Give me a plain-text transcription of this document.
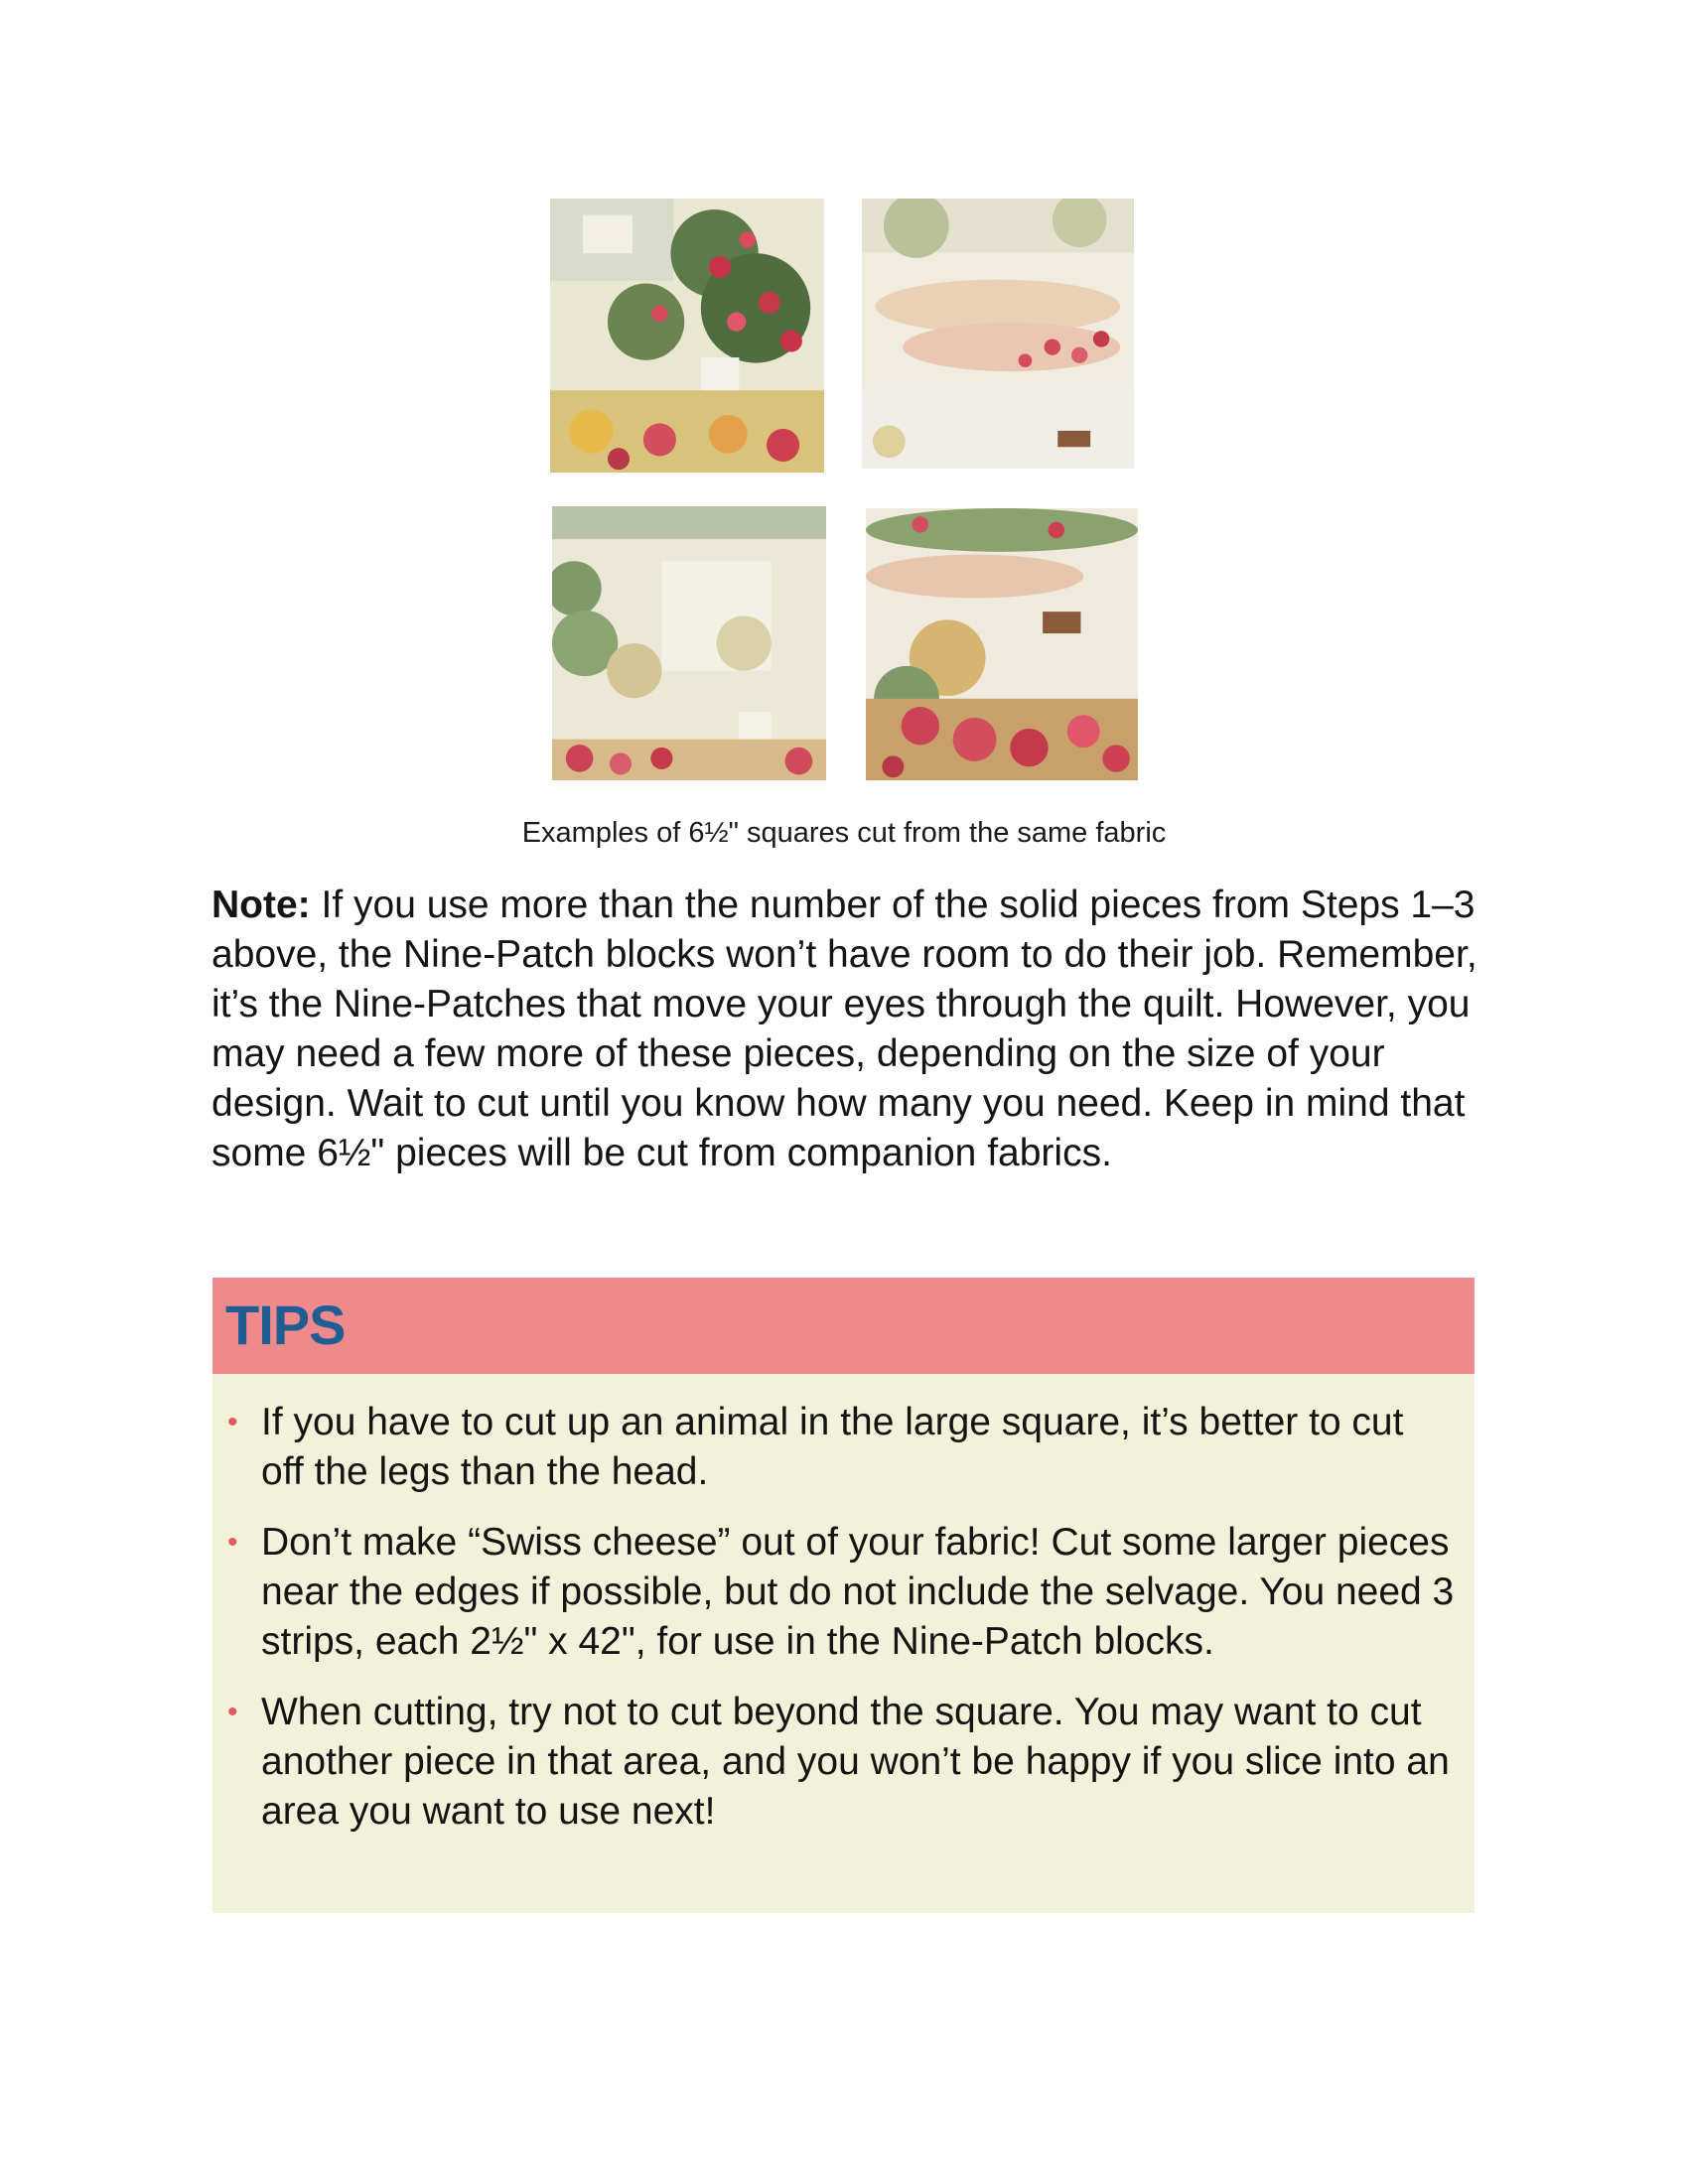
Examples of 6½" squares cut from the same fabric
Note: If you use more than the number of the solid pieces from Steps 1–3 above, the Nine-Patch blocks won’t have room to do their job. Remember, it’s the Nine-Patches that move your eyes through the quilt. However, you may need a few more of these pieces, depending on the size of your design. Wait to cut until you know how many you need. Keep in mind that some 6½" pieces will be cut from companion fabrics.
TIPS
• If you have to cut up an animal in the large square, it’s better to cut off the legs than the head.
• Don’t make “Swiss cheese” out of your fabric! Cut some larger pieces near the edges if possible, but do not include the selvage. You need 3 strips, each 2½" x 42", for use in the Nine-Patch blocks.
• When cutting, try not to cut beyond the square. You may want to cut another piece in that area, and you won’t be happy if you slice into an area you want to use next!
